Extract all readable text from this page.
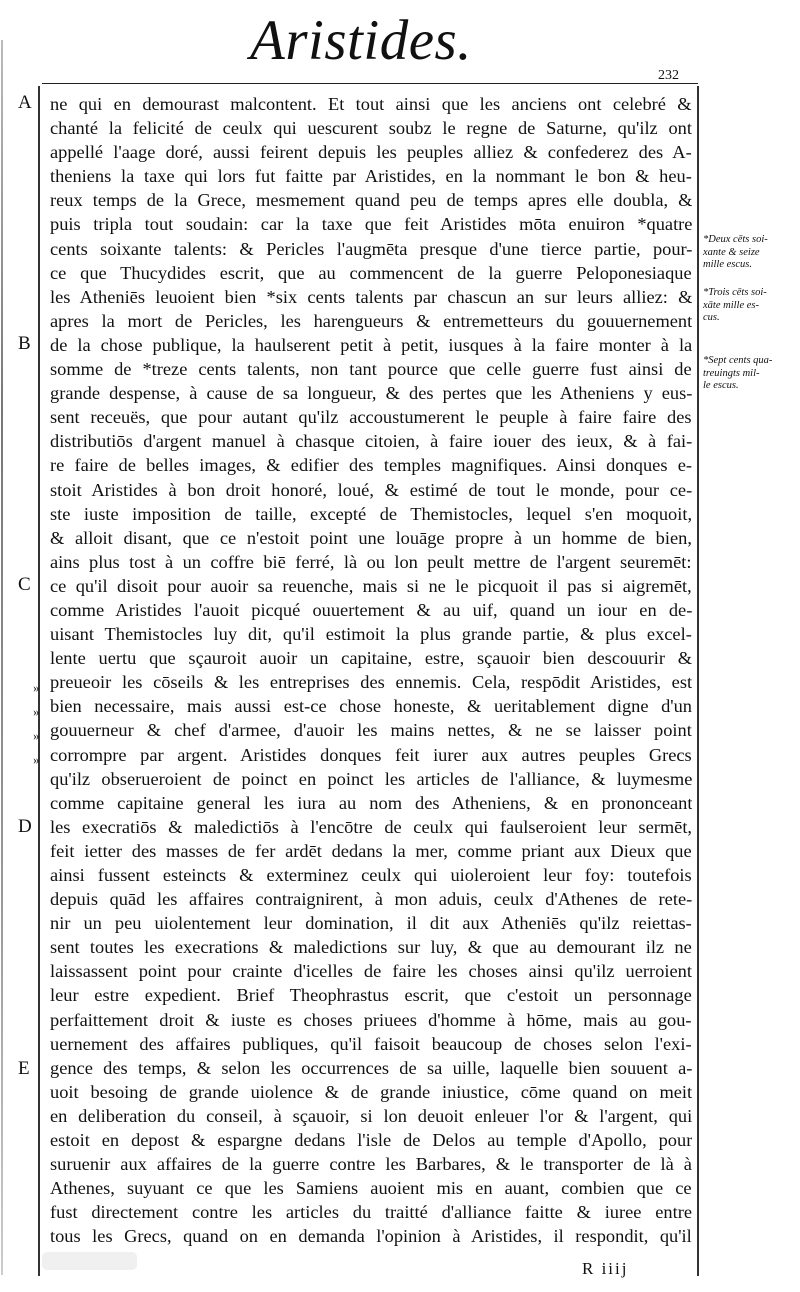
Aristides.
232
A
B
C
D
E
»
»
»
»
ne qui en demourast malcontent. Et tout ainsi que les anciens ont celebré &
chanté la felicité de ceulx qui uescurent soubz le regne de Saturne, qu'ilz ont
appellé l'aage doré, aussi feirent depuis les peuples alliez & confederez des A-
theniens la taxe qui lors fut faitte par Aristides, en la nommant le bon & heu-
reux temps de la Grece, mesmement quand peu de temps apres elle doubla, &
puis tripla tout soudain: car la taxe que feit Aristides mōta enuiron *quatre
cents soixante talents: & Pericles l'augmēta presque d'une tierce partie, pour-
ce que Thucydides escrit, que au commencent de la guerre Peloponesiaque
les Atheniēs leuoient bien *six cents talents par chascun an sur leurs alliez: &
apres la mort de Pericles, les harengueurs & entremetteurs du gouuernement
de la chose publique, la haulserent petit à petit, iusques à la faire monter à la
somme de *treze cents talents, non tant pource que celle guerre fust ainsi de
grande despense, à cause de sa longueur, & des pertes que les Atheniens y eus-
sent receuës, que pour autant qu'ilz accoustumerent le peuple à faire faire des
distributiōs d'argent manuel à chasque citoien, à faire iouer des ieux, & à fai-
re faire de belles images, & edifier des temples magnifiques. Ainsi donques e-
stoit Aristides à bon droit honoré, loué, & estimé de tout le monde, pour ce-
ste iuste imposition de taille, excepté de Themistocles, lequel s'en moquoit,
& alloit disant, que ce n'estoit point une louāge propre à un homme de bien,
ains plus tost à un coffre biē ferré, là ou lon peult mettre de l'argent seuremēt:
ce qu'il disoit pour auoir sa reuenche, mais si ne le picquoit il pas si aigremēt,
comme Aristides l'auoit picqué ouuertement & au uif, quand un iour en de-
uisant Themistocles luy dit, qu'il estimoit la plus grande partie, & plus excel-
lente uertu que sçauroit auoir un capitaine, estre, sçauoir bien descouurir &
preueoir les cōseils & les entreprises des ennemis. Cela, respōdit Aristides, est
bien necessaire, mais aussi est-ce chose honeste, & ueritablement digne d'un
gouuerneur & chef d'armee, d'auoir les mains nettes, & ne se laisser point
corrompre par argent. Aristides donques feit iurer aux autres peuples Grecs
qu'ilz obserueroient de poinct en poinct les articles de l'alliance, & luymesme
comme capitaine general les iura au nom des Atheniens, & en prononceant
les execratiōs & maledictiōs à l'encōtre de ceulx qui faulseroient leur sermēt,
feit ietter des masses de fer ardēt dedans la mer, comme priant aux Dieux que
ainsi fussent esteincts & exterminez ceulx qui uioleroient leur foy: toutefois
depuis quād les affaires contraignirent, à mon aduis, ceulx d'Athenes de rete-
nir un peu uiolentement leur domination, il dit aux Atheniēs qu'ilz reiettas-
sent toutes les execrations & maledictions sur luy, & que au demourant ilz ne
laissassent point pour crainte d'icelles de faire les choses ainsi qu'ilz uerroient
leur estre expedient. Brief Theophrastus escrit, que c'estoit un personnage
perfaittement droit & iuste es choses priuees d'homme à hōme, mais au gou-
uernement des affaires publiques, qu'il faisoit beaucoup de choses selon l'exi-
gence des temps, & selon les occurrences de sa uille, laquelle bien souuent a-
uoit besoing de grande uiolence & de grande iniustice, cōme quand on meit
en deliberation du conseil, à sçauoir, si lon deuoit enleuer l'or & l'argent, qui
estoit en depost & espargne dedans l'isle de Delos au temple d'Apollo, pour
suruenir aux affaires de la guerre contre les Barbares, & le transporter de là à
Athenes, suyuant ce que les Samiens auoient mis en auant, combien que ce
fust directement contre les articles du traitté d'alliance faitte & iuree entre
tous les Grecs, quand on en demanda l'opinion à Aristides, il respondit, qu'il
*Deux cēts soi-
xante & seize
mille escus.
*Trois cēts soi-
xāte mille es-
cus.
*Sept cents qua-
treuingts mil-
le escus.
R iiij
